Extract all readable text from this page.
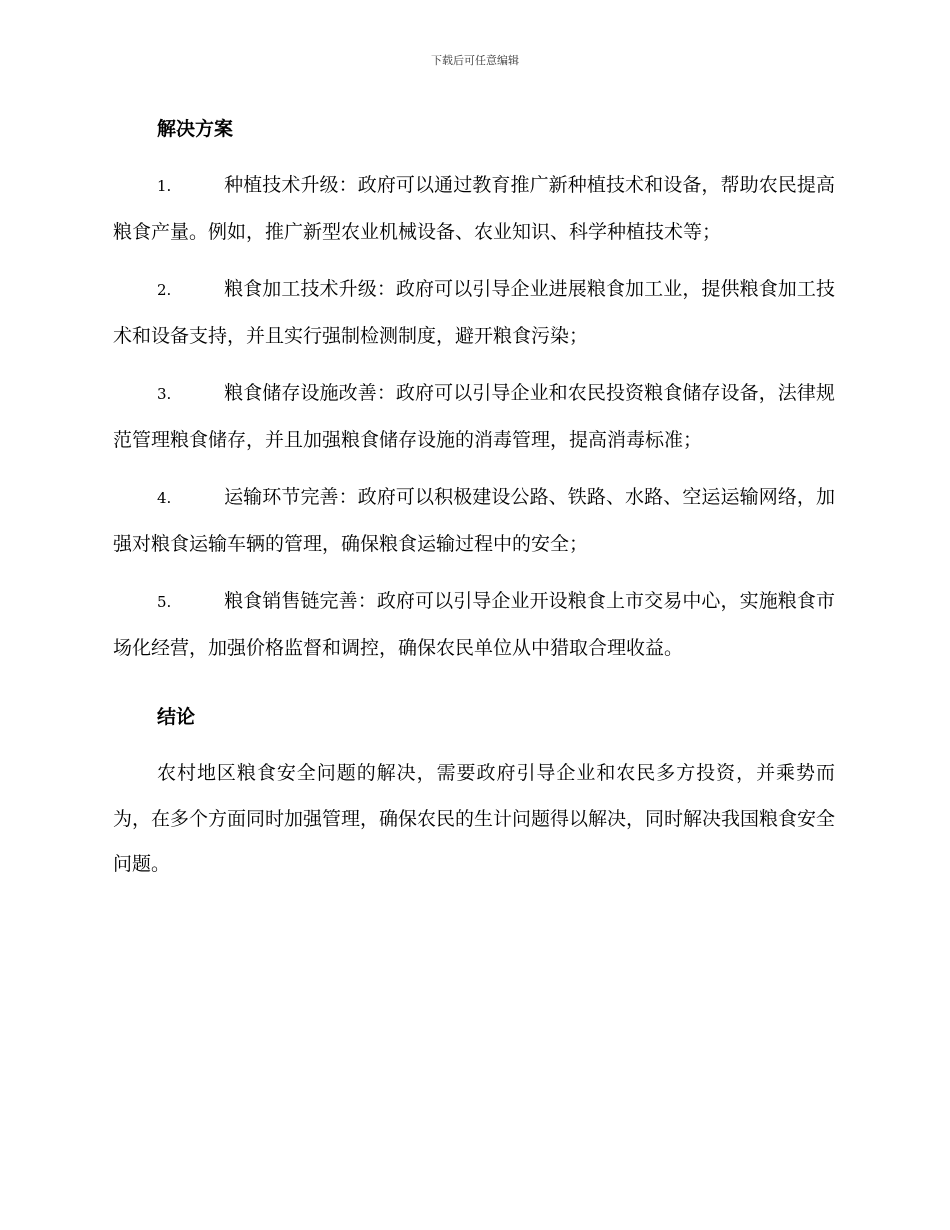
下载后可任意编辑
解决方案
1.	种植技术升级：政府可以通过教育推广新种植技术和设备，帮助农民提高粮食产量。例如，推广新型农业机械设备、农业知识、科学种植技术等；
2.	粮食加工技术升级：政府可以引导企业进展粮食加工业，提供粮食加工技术和设备支持，并且实行强制检测制度，避开粮食污染；
3.	粮食储存设施改善：政府可以引导企业和农民投资粮食储存设备，法律规范管理粮食储存，并且加强粮食储存设施的消毒管理，提高消毒标准；
4.	运输环节完善：政府可以积极建设公路、铁路、水路、空运运输网络，加强对粮食运输车辆的管理，确保粮食运输过程中的安全；
5.	粮食销售链完善：政府可以引导企业开设粮食上市交易中心，实施粮食市场化经营，加强价格监督和调控，确保农民单位从中猎取合理收益。
结论
农村地区粮食安全问题的解决，需要政府引导企业和农民多方投资，并乘势而为，在多个方面同时加强管理，确保农民的生计问题得以解决，同时解决我国粮食安全问题。
